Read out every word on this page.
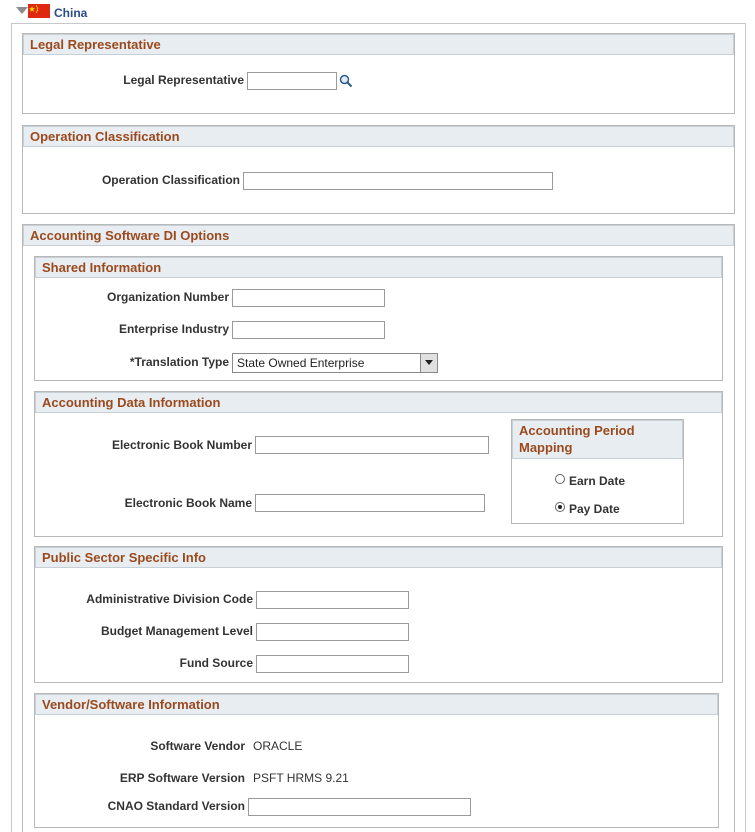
China
Legal Representative
Legal Representative
Operation Classification
Operation Classification
Accounting Software DI Options
Shared Information
Organization Number
Enterprise Industry
*Translation Type State Owned Enterprise
Accounting Data Information
Electronic Book Number
Electronic Book Name
Accounting Period
Mapping
Earn Date
Pay Date
Public Sector Specific Info
Administrative Division Code
Budget Management Level
Fund Source
Vendor/Software Information
Software Vendor ORACLE
ERP Software Version PSFT HRMS 9.21
CNAO Standard Version
